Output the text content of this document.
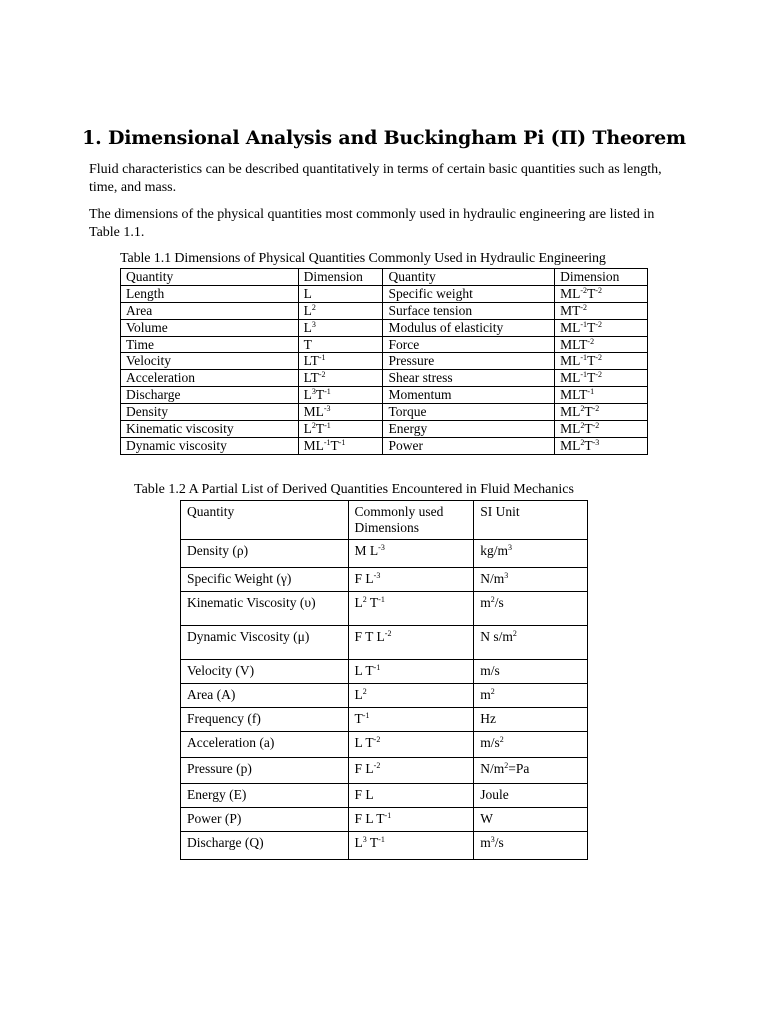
1. Dimensional Analysis and Buckingham Pi (Π) Theorem
Fluid characteristics can be described quantitatively in terms of certain basic quantities such as length, time, and mass.
The dimensions of the physical quantities most commonly used in hydraulic engineering are listed in Table 1.1.
Table 1.1 Dimensions of Physical Quantities Commonly Used in Hydraulic Engineering
Quantity	Dimension	Quantity	Dimension
Length	L	Specific weight	$ML^{-2}T^{-2}$
Area	$L^2$	Surface tension	$MT^{-2}$
Volume	$L^3$	Modulus of elasticity	$ML^{-1}T^{-2}$
Time	T	Force	$MLT^{-2}$
Velocity	$LT^{-1}$	Pressure	$ML^{-1}T^{-2}$
Acceleration	$LT^{-2}$	Shear stress	$ML^{-1}T^{-2}$
Discharge	$L^3T^{-1}$	Momentum	$MLT^{-1}$
Density	$ML^{-3}$	Torque	$ML^2T^{-2}$
Kinematic viscosity	$L^2T^{-1}$	Energy	$ML^2T^{-2}$
Dynamic viscosity	$ML^{-1}T^{-1}$	Power	$ML^2T^{-3}$
Table 1.2 A Partial List of Derived Quantities Encountered in Fluid Mechanics
Quantity	Commonly used Dimensions	SI Unit
Density (ρ)	M $L^{-3}$	$kg/m^3$
Specific Weight (γ)	F $L^{-3}$	$N/m^3$
Kinematic Viscosity (υ)	$L^2$ $T^{-1}$	$m^2/s$
Dynamic Viscosity (μ)	F T $L^{-2}$	N $s/m^2$
Velocity (V)	L $T^{-1}$	m/s
Area (A)	$L^2$	$m^2$
Frequency (f)	$T^{-1}$	Hz
Acceleration (a)	L $T^{-2}$	$m/s^2$
Pressure (p)	F $L^{-2}$	$N/m^2=Pa$
Energy (E)	F L	Joule
Power (P)	F L $T^{-1}$	W
Discharge (Q)	$L^3$ $T^{-1}$	$m^3/s$
